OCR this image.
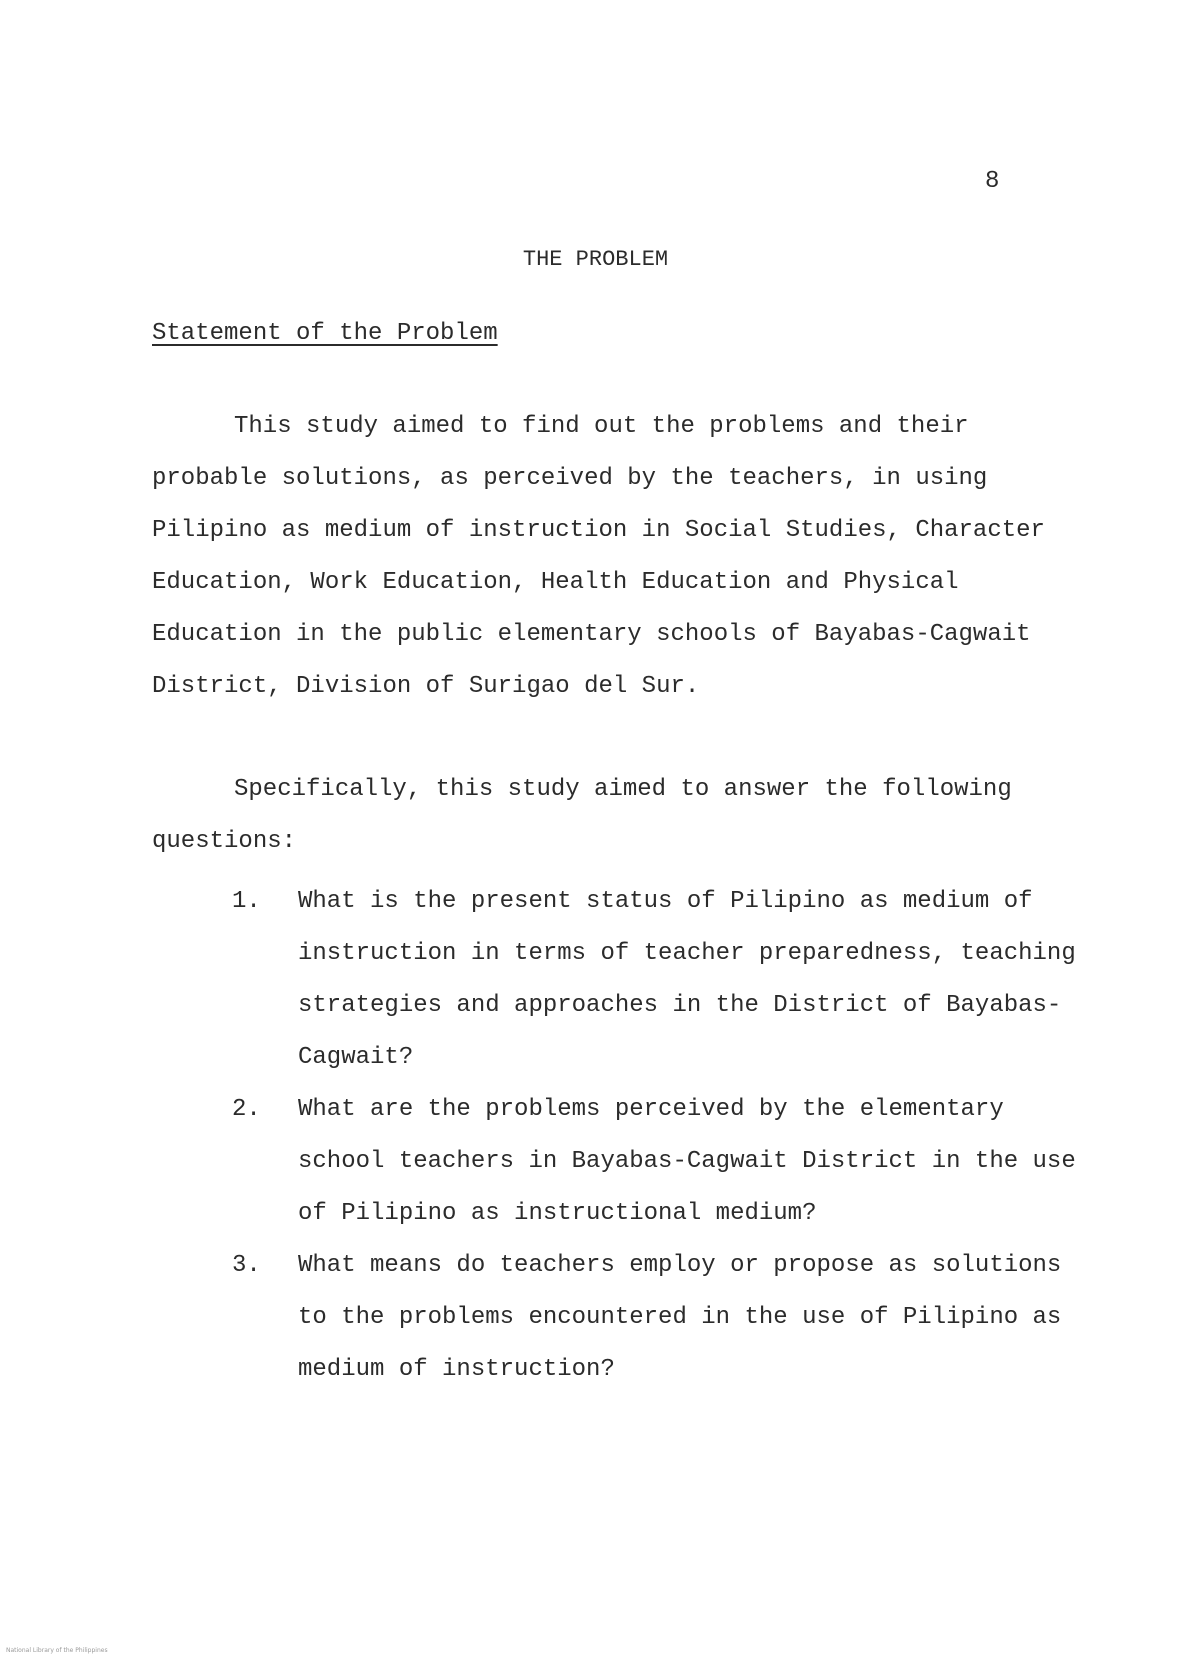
8
THE PROBLEM
Statement of the Problem

This study aimed to find out the problems and their probable solutions, as perceived by the teachers, in using Pilipino as medium of instruction in Social Studies, Character Education, Work Education, Health Education and Physical Education in the public elementary schools of Bayabas-Cagwait District, Division of Surigao del Sur.

Specifically, this study aimed to answer the following questions:

1.	What is the present status of Pilipino as medium of instruction in terms of teacher preparedness, teaching strategies and approaches in the District of Bayabas-Cagwait?
2.	What are the problems perceived by the elementary school teachers in Bayabas-Cagwait District in the use of Pilipino as instructional medium?
3.	What means do teachers employ or propose as solutions to the problems encountered in the use of Pilipino as medium of instruction?
National Library of the Philippines
